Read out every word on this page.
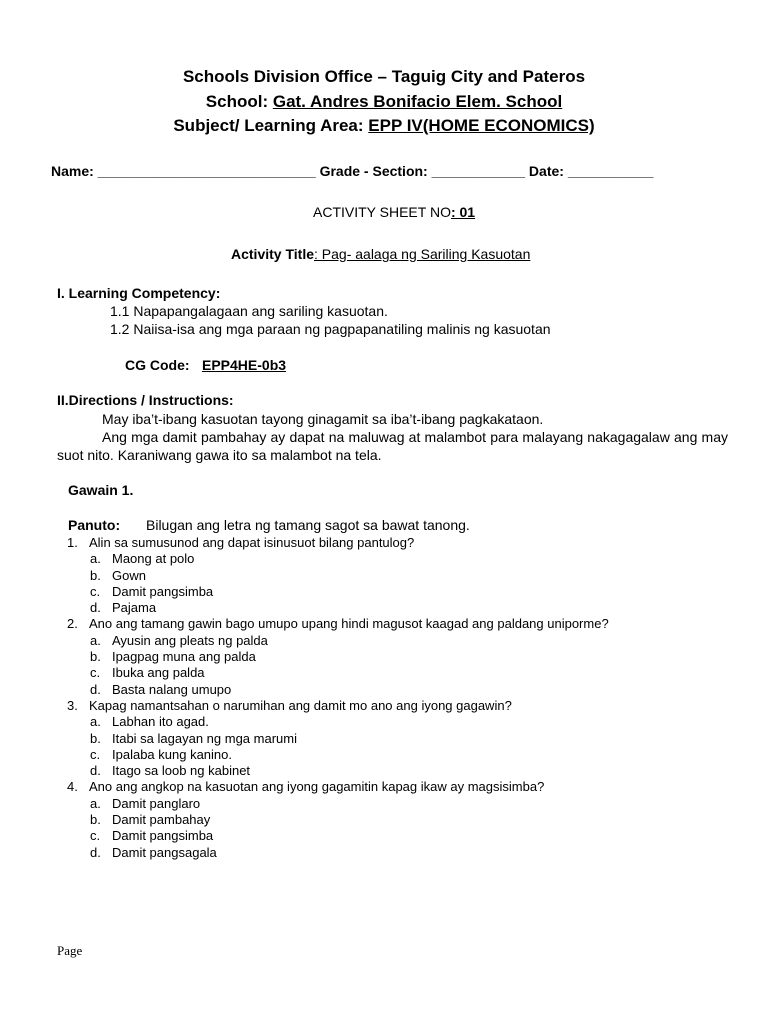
Schools Division Office – Taguig City and Pateros
School: Gat. Andres Bonifacio Elem. School
Subject/ Learning Area: EPP IV(HOME ECONOMICS)
Name: ____________________________ Grade - Section: ____________ Date: ___________
ACTIVITY SHEET NO: 01
Activity Title: Pag- aalaga ng Sariling Kasuotan
I. Learning Competency:
1.1 Napapangalagaan ang sariling kasuotan.
1.2 Naiisa-isa ang mga paraan ng pagpapanatiling malinis ng kasuotan
CG Code: EPP4HE-0b3
II.Directions / Instructions:

May iba’t-ibang kasuotan tayong ginagamit sa iba’t-ibang pagkakataon.

Ang mga damit pambahay ay dapat na maluwag at malambot para malayang nakagagalaw ang may suot nito. Karaniwang gawa ito sa malambot na tela.

Gawain 1.
Panuto: Bilugan ang letra ng tamang sagot sa bawat tanong.
1. Alin sa sumusunod ang dapat isinusuot bilang pantulog?
a. Maong at polo
b. Gown
c. Damit pangsimba
d. Pajama
2. Ano ang tamang gawin bago umupo upang hindi magusot kaagad ang paldang uniporme?
a. Ayusin ang pleats ng palda
b. Ipagpag muna ang palda
c. Ibuka ang palda
d. Basta nalang umupo
3. Kapag namantsahan o narumihan ang damit mo ano ang iyong gagawin?
a. Labhan ito agad.
b. Itabi sa lagayan ng mga marumi
c. Ipalaba kung kanino.
d. Itago sa loob ng kabinet
4. Ano ang angkop na kasuotan ang iyong gagamitin kapag ikaw ay magsisimba?
a. Damit panglaro
b. Damit pambahay
c. Damit pangsimba
d. Damit pangsagala
Page
